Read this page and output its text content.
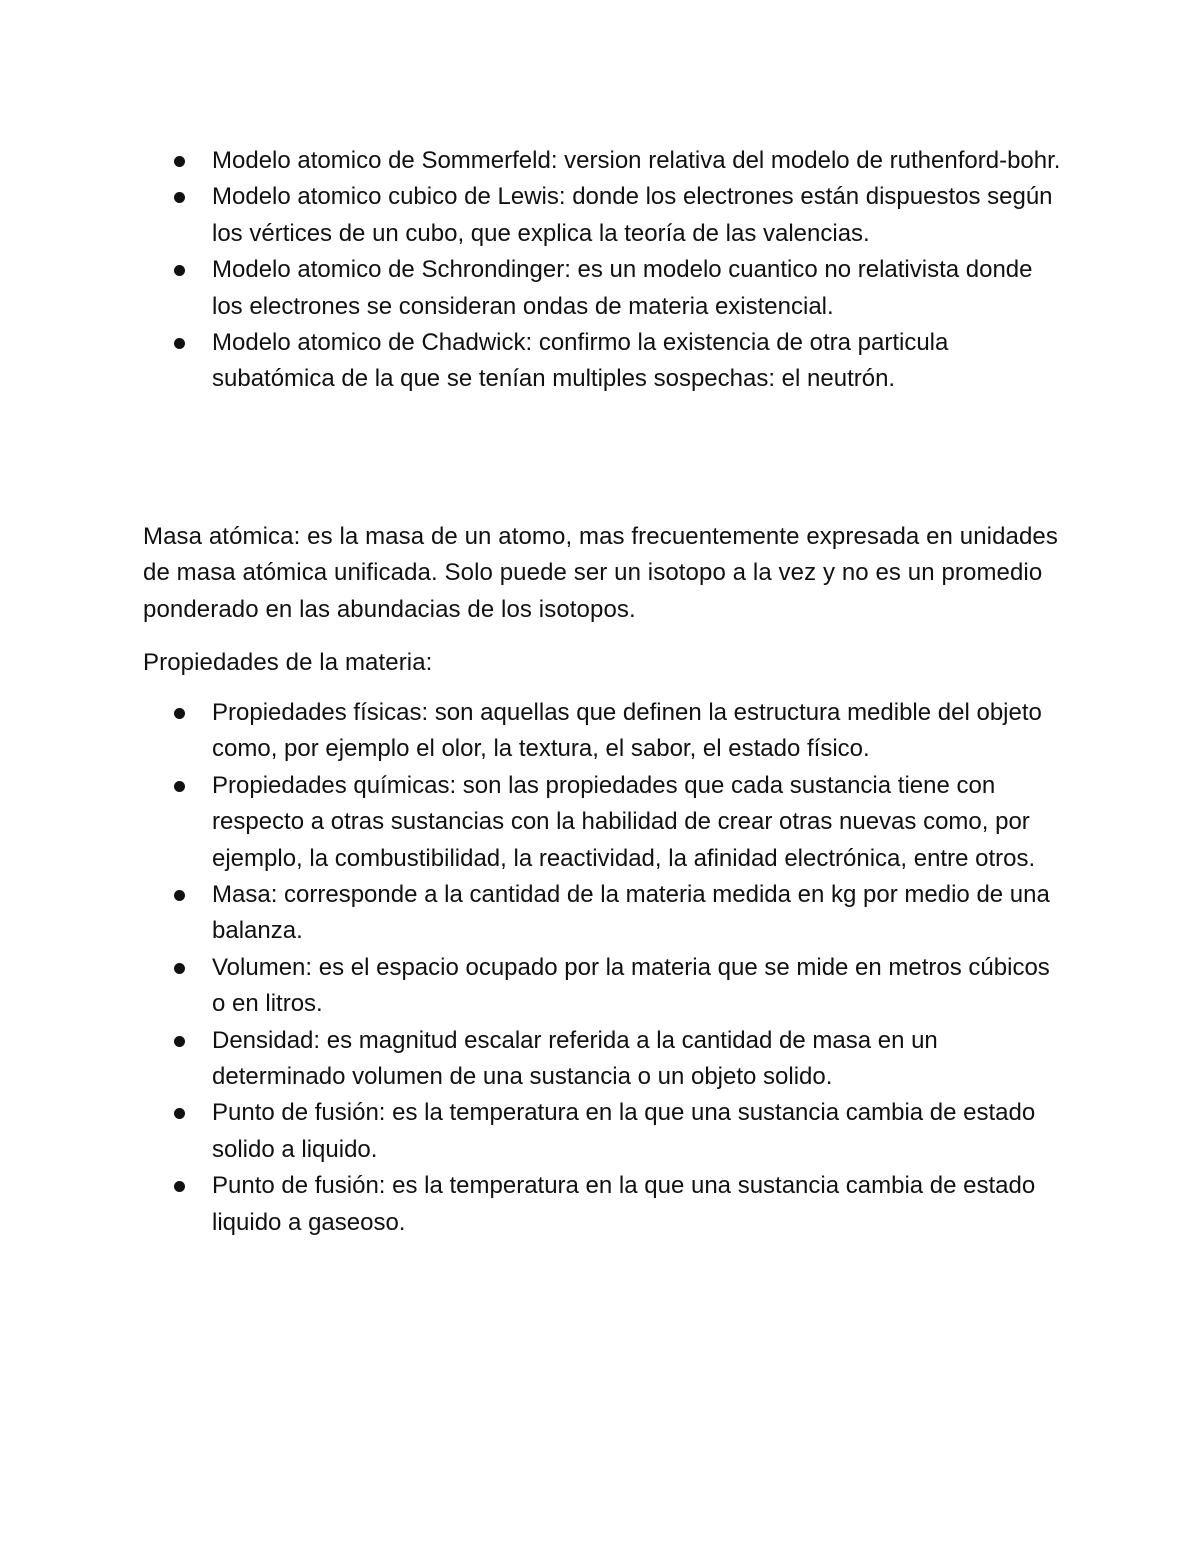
Modelo atomico de Sommerfeld: version relativa del modelo de ruthenford-bohr.
Modelo atomico cubico de Lewis: donde los electrones están dispuestos según los vértices de un cubo, que explica la teoría de las valencias.
Modelo atomico de Schrondinger: es un modelo cuantico no relativista donde los electrones se consideran ondas de materia existencial.
Modelo atomico de Chadwick: confirmo la existencia de otra particula subatómica de la que se tenían multiples sospechas: el neutrón.
Masa atómica: es la masa de un atomo, mas frecuentemente expresada en unidades de masa atómica unificada. Solo puede ser un isotopo a la vez y no es un promedio ponderado en las abundacias de los isotopos.
Propiedades de la materia:
Propiedades físicas: son aquellas que definen la estructura medible del objeto como, por ejemplo el olor, la textura, el sabor, el estado físico.
Propiedades químicas: son las propiedades que cada sustancia tiene con respecto a otras sustancias con la habilidad de crear otras nuevas como, por ejemplo, la combustibilidad, la reactividad, la afinidad electrónica, entre otros.
Masa: corresponde a la cantidad de la materia medida en kg por medio de una balanza.
Volumen: es el espacio ocupado por la materia que se mide en metros cúbicos o en litros.
Densidad: es magnitud escalar referida a la cantidad de masa en un determinado volumen de una sustancia o un objeto solido.
Punto de fusión: es la temperatura en la que una sustancia cambia de estado solido a liquido.
Punto de fusión: es la temperatura en la que una sustancia cambia de estado liquido a gaseoso.
